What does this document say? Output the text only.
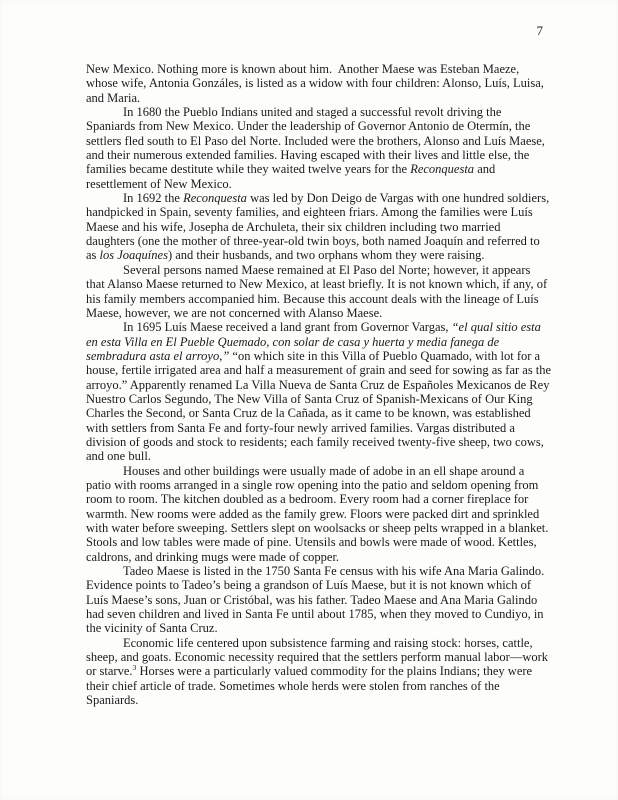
7

New Mexico. Nothing more is known about him.  Another Maese was Esteban Maeze, whose wife, Antonia Gonzáles, is listed as a widow with four children: Alonso, Luís, Luisa, and Maria.

In 1680 the Pueblo Indians united and staged a successful revolt driving the Spaniards from New Mexico. Under the leadership of Governor Antonio de Otermín, the settlers fled south to El Paso del Norte. Included were the brothers, Alonso and Luís Maese, and their numerous extended families. Having escaped with their lives and little else, the families became destitute while they waited twelve years for the Reconquesta and resettlement of New Mexico.

In 1692 the Reconquesta was led by Don Deigo de Vargas with one hundred soldiers, handpicked in Spain, seventy families, and eighteen friars. Among the families were Luís Maese and his wife, Josepha de Archuleta, their six children including two married daughters (one the mother of three-year-old twin boys, both named Joaquín and referred to as los Joaquínes) and their husbands, and two orphans whom they were raising.

Several persons named Maese remained at El Paso del Norte; however, it appears that Alanso Maese returned to New Mexico, at least briefly. It is not known which, if any, of his family members accompanied him. Because this account deals with the lineage of Luís Maese, however, we are not concerned with Alanso Maese.

In 1695 Luís Maese received a land grant from Governor Vargas, “el qual sitio esta en esta Villa en El Pueble Quemado, con solar de casa y huerta y media fanega de sembradura asta el arroyo,” “on which site in this Villa of Pueblo Quamado, with lot for a house, fertile irrigated area and half a measurement of grain and seed for sowing as far as the arroyo.” Apparently renamed La Villa Nueva de Santa Cruz de Españoles Mexicanos de Rey Nuestro Carlos Segundo, The New Villa of Santa Cruz of Spanish-Mexicans of Our King Charles the Second, or Santa Cruz de la Cañada, as it came to be known, was established with settlers from Santa Fe and forty-four newly arrived families. Vargas distributed a division of goods and stock to residents; each family received twenty-five sheep, two cows, and one bull.

Houses and other buildings were usually made of adobe in an ell shape around a patio with rooms arranged in a single row opening into the patio and seldom opening from room to room. The kitchen doubled as a bedroom. Every room had a corner fireplace for warmth. New rooms were added as the family grew. Floors were packed dirt and sprinkled with water before sweeping. Settlers slept on woolsacks or sheep pelts wrapped in a blanket. Stools and low tables were made of pine. Utensils and bowls were made of wood. Kettles, caldrons, and drinking mugs were made of copper.

Tadeo Maese is listed in the 1750 Santa Fe census with his wife Ana Maria Galindo. Evidence points to Tadeo’s being a grandson of Luís Maese, but it is not known which of Luís Maese’s sons, Juan or Cristóbal, was his father. Tadeo Maese and Ana Maria Galindo had seven children and lived in Santa Fe until about 1785, when they moved to Cundiyo, in the vicinity of Santa Cruz.

Economic life centered upon subsistence farming and raising stock: horses, cattle, sheep, and goats. Economic necessity required that the settlers perform manual labor—work or starve.$^3$ Horses were a particularly valued commodity for the plains Indians; they were their chief article of trade. Sometimes whole herds were stolen from ranches of the Spaniards.
